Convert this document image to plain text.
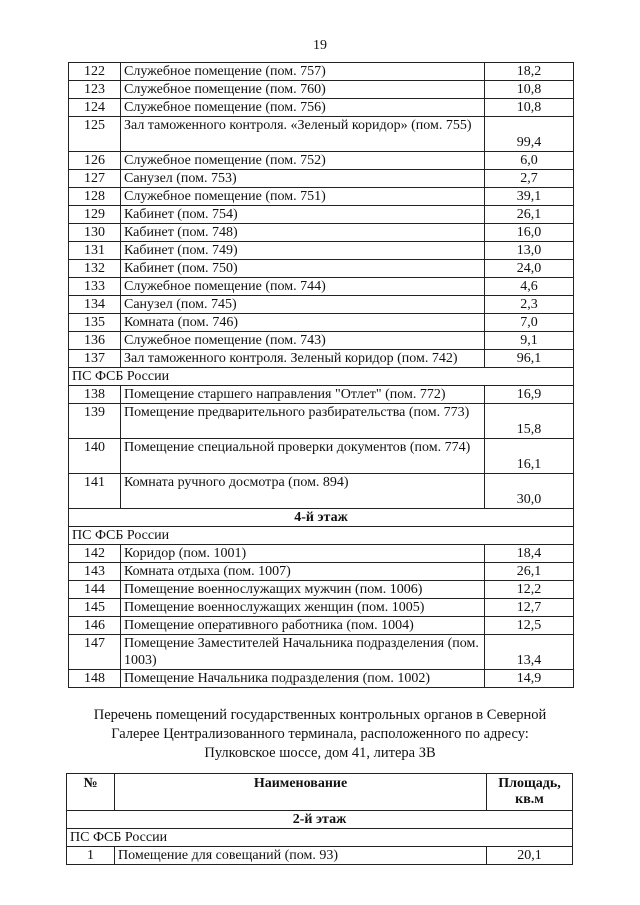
19
122	Служебное помещение (пом. 757)	18,2
123	Служебное помещение (пом. 760)	10,8
124	Служебное помещение (пом. 756)	10,8
125	Зал таможенного контроля. «Зеленый коридор» (пом. 755)	99,4
126	Служебное помещение (пом. 752)	6,0
127	Санузел (пом. 753)	2,7
128	Служебное помещение (пом. 751)	39,1
129	Кабинет (пом. 754)	26,1
130	Кабинет (пом. 748)	16,0
131	Кабинет (пом. 749)	13,0
132	Кабинет (пом. 750)	24,0
133	Служебное помещение (пом. 744)	4,6
134	Санузел (пом. 745)	2,3
135	Комната (пом. 746)	7,0
136	Служебное помещение (пом. 743)	9,1
137	Зал таможенного контроля. Зеленый коридор (пом. 742)	96,1
ПС ФСБ России		
138	Помещение старшего направления "Отлет" (пом. 772)	16,9
139	Помещение предварительного разбирательства (пом. 773)	15,8
140	Помещение специальной проверки документов (пом. 774)	16,1
141	Комната ручного досмотра (пом. 894)	30,0
4-й этаж		
ПС ФСБ России		
142	Коридор (пом. 1001)	18,4
143	Комната отдыха (пом. 1007)	26,1
144	Помещение военнослужащих мужчин (пом. 1006)	12,2
145	Помещение военнослужащих женщин (пом. 1005)	12,7
146	Помещение оперативного работника (пом. 1004)	12,5
147	Помещение Заместителей Начальника подразделения (пом. 1003)	13,4
148	Помещение Начальника подразделения (пом. 1002)	14,9
Перечень помещений государственных контрольных органов в Северной
Галерее Централизованного терминала, расположенного по адресу:
Пулковское шоссе, дом 41, литера ЗВ
№	Наименование	Площадь,
кв.м

2-й этаж		
ПС ФСБ России		
1	Помещение для совещаний (пом. 93)	20,1
